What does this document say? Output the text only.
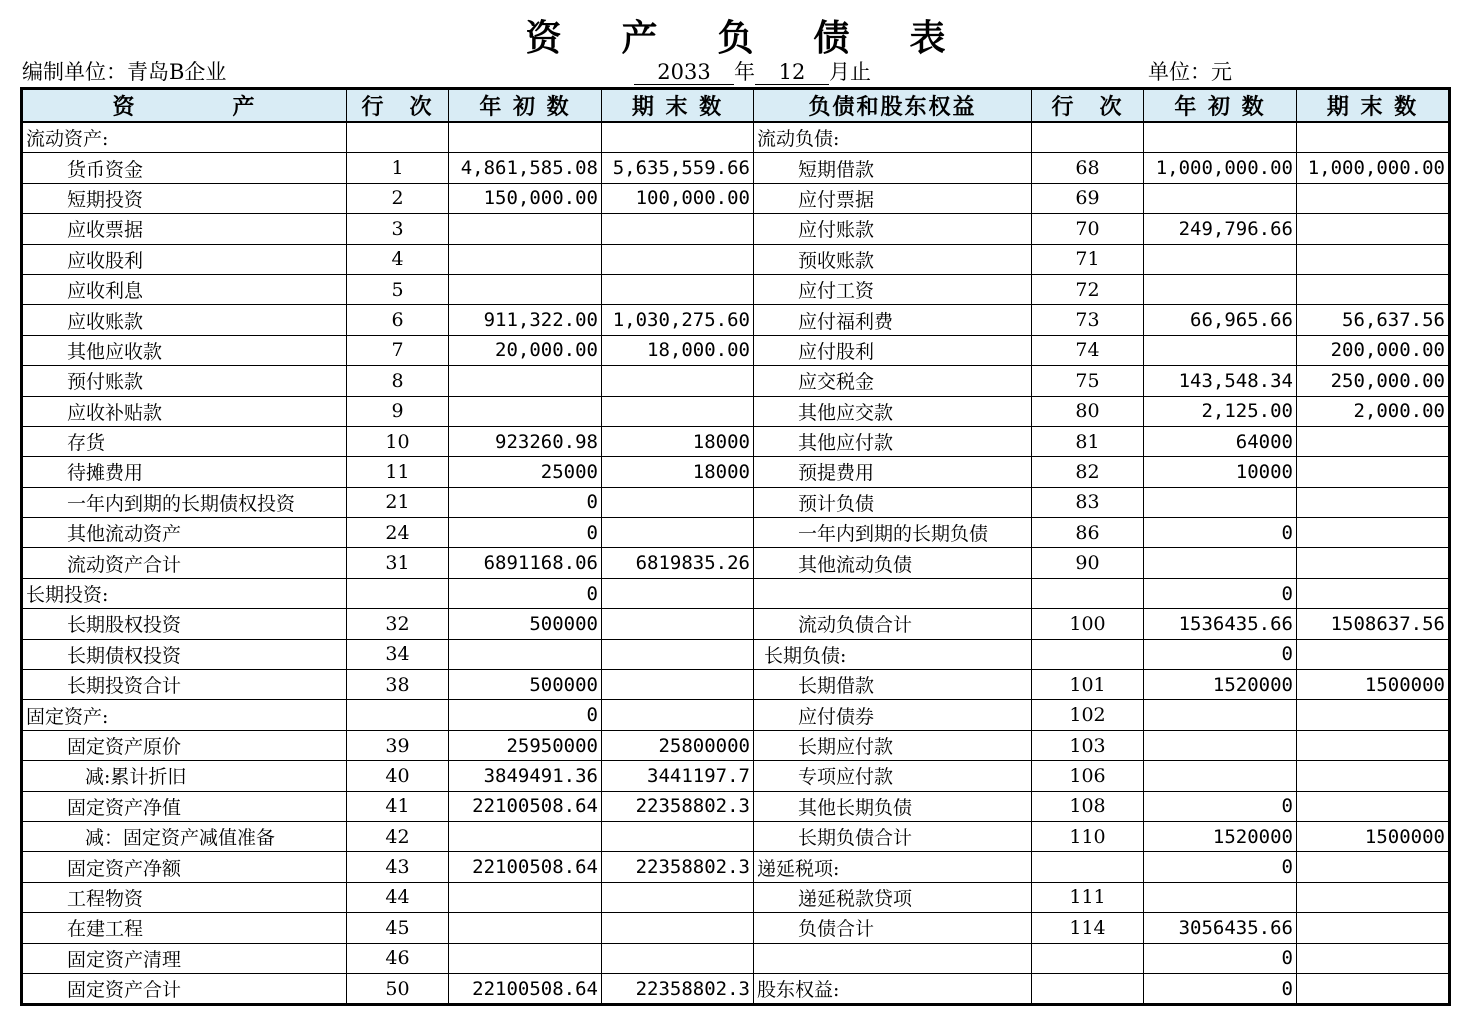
资 产 负 债 表
编制单位：青岛B企业	2033 年 12 月止	单位：元
资　　　　产	行　次	年 初 数	期 末 数	负债和股东权益	行　次	年 初 数	期 末 数
流动资产:				流动负债:			
货币资金	1	4,861,585.08	5,635,559.66	短期借款	68	1,000,000.00	1,000,000.00
短期投资	2	150,000.00	100,000.00	应付票据	69		
应收票据	3			应付账款	70	249,796.66	
应收股利	4			预收账款	71		
应收利息	5			应付工资	72		
应收账款	6	911,322.00	1,030,275.60	应付福利费	73	66,965.66	56,637.56
其他应收款	7	20,000.00	18,000.00	应付股利	74		200,000.00
预付账款	8			应交税金	75	143,548.34	250,000.00
应收补贴款	9			其他应交款	80	2,125.00	2,000.00
存货	10	923260.98	18000	其他应付款	81	64000	
待摊费用	11	25000	18000	预提费用	82	10000	
一年内到期的长期债权投资	21	0		预计负债	83		
其他流动资产	24	0		一年内到期的长期负债	86	0	
流动资产合计	31	6891168.06	6819835.26	其他流动负债	90		
长期投资:		0				0	
长期股权投资	32	500000		流动负债合计	100	1536435.66	1508637.56
长期债权投资	34			长期负债:		0	
长期投资合计	38	500000		长期借款	101	1520000	1500000
固定资产:		0		应付债券	102		
固定资产原价	39	25950000	25800000	长期应付款	103		
减:累计折旧	40	3849491.36	3441197.7	专项应付款	106		
固定资产净值	41	22100508.64	22358802.3	其他长期负债	108	0	
减：固定资产减值准备	42			长期负债合计	110	1520000	1500000
固定资产净额	43	22100508.64	22358802.3	递延税项:		0	
工程物资	44			递延税款贷项	111		
在建工程	45			负债合计	114	3056435.66	
固定资产清理	46					0	
固定资产合计	50	22100508.64	22358802.3	股东权益:		0	
